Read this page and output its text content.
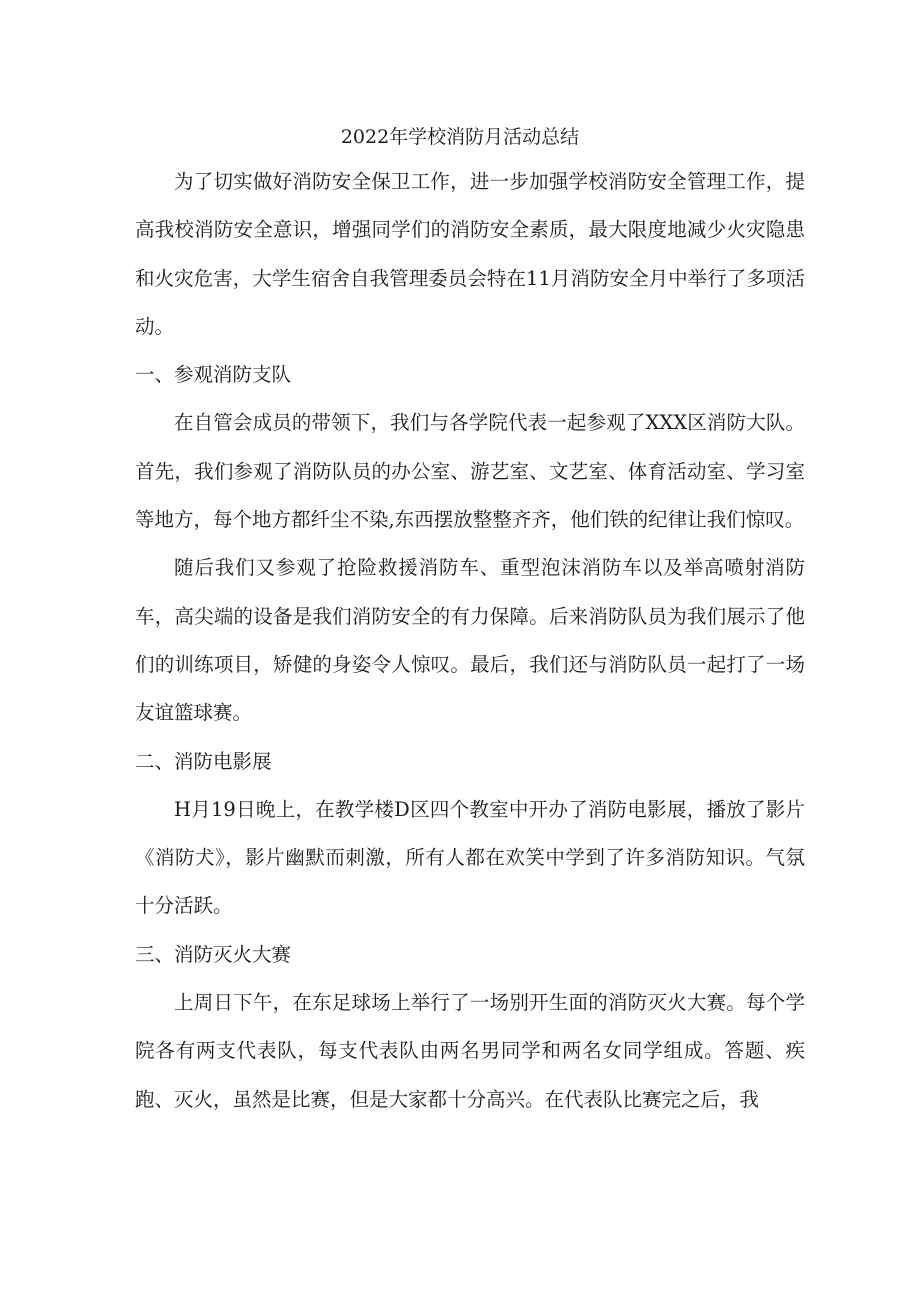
2022年学校消防月活动总结

为了切实做好消防安全保卫工作，进一步加强学校消防安全管理工作，提高我校消防安全意识，增强同学们的消防安全素质，最大限度地减少火灾隐患和火灾危害，大学生宿舍自我管理委员会特在11月消防安全月中举行了多项活动。

一、参观消防支队

在自管会成员的带领下，我们与各学院代表一起参观了XXX区消防大队。首先，我们参观了消防队员的办公室、游艺室、文艺室、体育活动室、学习室等地方，每个地方都纤尘不染,东西摆放整整齐齐，他们铁的纪律让我们惊叹。

随后我们又参观了抢险救援消防车、重型泡沫消防车以及举高喷射消防车，高尖端的设备是我们消防安全的有力保障。后来消防队员为我们展示了他们的训练项目，矫健的身姿令人惊叹。最后，我们还与消防队员一起打了一场友谊篮球赛。

二、消防电影展

H月19日晚上，在教学楼D区四个教室中开办了消防电影展，播放了影片《消防犬》，影片幽默而刺激，所有人都在欢笑中学到了许多消防知识。气氛十分活跃。

三、消防灭火大赛

上周日下午，在东足球场上举行了一场别开生面的消防灭火大赛。每个学院各有两支代表队，每支代表队由两名男同学和两名女同学组成。答题、疾跑、灭火，虽然是比赛，但是大家都十分高兴。在代表队比赛完之后，我
